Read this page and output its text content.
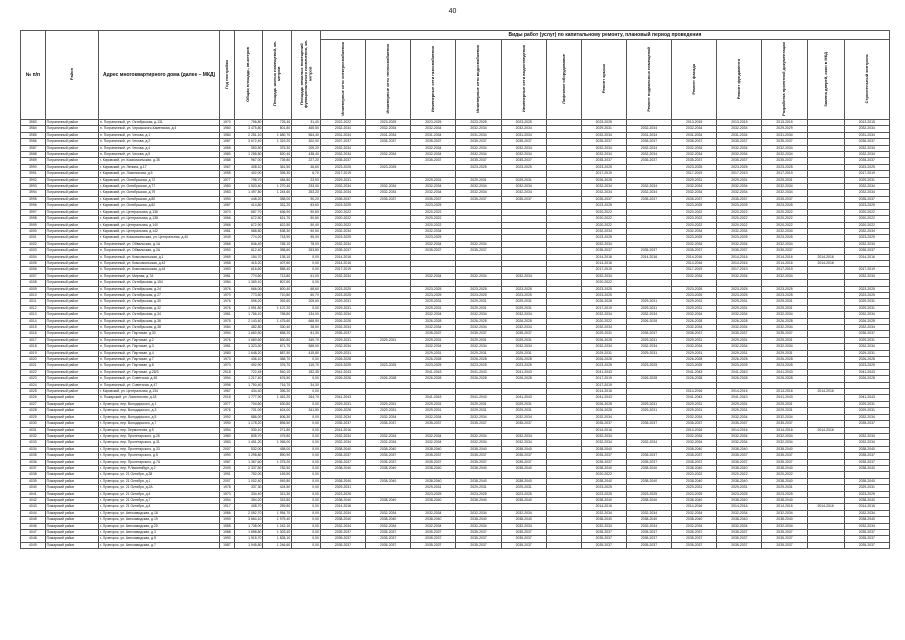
40
№ п/п	Район	Адрес многоквартирного дома (далее – МКД)	Год постройки	Общая площадь, кв.метров	Площадь жилых помещений, кв. метров	Площадь нежилых помещений функционального назначения, кв. метров	Виды работ (услуг) по капитальному ремонту, плановый период проведения												
							Инженерные сети электроснабжения	Инженерные сети теплоснабжения	Инженерные сети газоснабжения	Инженерные сети водоснабжения	Инженерные сети водоотведения	Лифтовое оборудование	Ремонт крыши	Ремонт подвальных помещений	Ремонт фасада	Ремонт фундамента	Разработка проектной документации	Замена дверей, окон в МКД	Строительный контроль
3983	Пограничный район	п. Пограничный, ул. Октябрьская, д.131	1970	756,80	725,40	31,40	2022-2022	2023-2025	2023-2025	2023-2025	2023-2025		2023-2025		2013-2015	2013-2015	2013-2015		2013-2015
3984	Пограничный район	п. Пограничный, ул. Черкасского-Каменская, д.4	1980	3 475,80	801,80	465,50	2032-2034	2032-2034	2032-2034	2032-2034	2032-2034		2029-2031	2032-2034	2032-2034	2032-2034	2029-2029		2032-2034
3985	Пограничный район	п. Пограничный, ул. Чехова, д.1	1984	2 251,10	1 680,70	564,40	2031-2034	2031-2034	2031-2034	2031-2034	2031-2034		2032-2034	2031-2034	2031-2034	2031-2034	2031-2034		2031-2034
3986	Пограничный район	п. Пограничный, ул. Чехова, д.2	1987	3 672,40	1 319,20	302,00	2037-2037	2035-2037	2035-2037	2035-2037	2035-2037		2035-2037	2035-2037	2035-2037	2035-2037	2035-2037		2035-2037
3987	Пограничный район	п. Пограничный, ул. Чехова, д.4	1985	590,50	375,30	205,20	2032-2034		2032-2034	2032-2034	2032-2034		2032-2034	2032-2034	2032-2034	2032-2034	2032-2034		2032-2034
3988	Пограничный район	п. Пограничный, ул. Чехова, д.5	1980	1 258,80	820,40	438,40	2032-2034	2032-2034	2032-2034	2032-2034	2032-2034		2032-2034	2032-2034	2032-2034	2032-2034	2032-2034		2032-2034
3989	Пограничный район	г. Кировский, ул. Комсомольская, д.35	1988	967,00	739,80	227,20	2035-2037		2035-2037	2035-2037	2035-2037		2035-2037	2035-2037	2035-2037	2035-2037	2035-2037		2035-2037
3990	Пограничный район	г. Кировский, ул. Ленина, д.17	1967	408,10	361,50	46,60	2023-2025	2023-2025		2023-2025	2023-2025		2023-2025		2023-2025	2023-2025	2023-2025		2023-2025
3991	Пограничный район	г. Кировский, ул. Ломоносова, д.5	1955	402,00	395,30	6,70	2017-2019						2017-2019		2017-2019	2017-2019	2017-2019		2017-2019
3992	Пограничный район	г. Кировский, ул. Октябрьская, д.72	1977	798,70	484,80	23,90	2029-2031		2029-2031	2029-2031	2029-2031		2026-2028		2029-2031	2029-2031	2029-2031		2029-2031
3993	Пограничный район	г. Кировский, ул. Октябрьская, д.77	1983	1 503,40	1 270,40	233,00	2032-2034	2032-2034	2032-2034	2032-2034	2032-2034		2032-2034	2032-2034	2032-2034	2032-2034	2032-2034		2032-2034
3994	Пограничный район	г. Кировский, ул. Октябрьская, д.79	1983	1 497,80	1 244,60	253,20	2032-2034	2032-2034	2032-2034	2032-2034	2032-2034		2032-2034	2032-2034	2032-2034	2032-2034	2032-2034		2032-2034
3995	Пограничный район	г. Кировский, ул. Октябрьская, д.80	1990	448,20	358,00	90,20	2035-2037	2035-2037	2035-2037	2035-2037	2035-2037		2035-2037	2035-2037	2035-2037	2035-2037	2035-2037		2035-2037
3996	Пограничный район	г. Кировский, ул. Октябрьская, д.82	1987	414,80	331,20	83,60	2023-2025		2023-2025				2023-2025		2023-2025	2023-2025	2023-2025		2023-2025
3997	Пограничный район	г. Кировский, ул. Центральная, д.136	1970	687,70	636,90	50,80	2020-2022		2020-2022				2020-2022		2020-2022	2020-2022	2020-2022		2020-2022
3998	Пограничный район	г. Кировский, ул. Центральная, д.138	1966	672,50	621,70	50,80	2020-2022		2020-2022				2020-2022		2020-2022	2020-2022	2020-2022		2020-2022
3999	Пограничный район	г. Кировский, ул. Центральная, д.140	1966	672,90	622,50	50,40	2020-2022		2020-2022				2020-2022		2020-2022	2020-2022	2020-2022		2020-2022
4000	Пограничный район	г. Кировский, ул. Центральная, д.142	1981	588,80	538,30	50,50	2032-2034		2032-2034				2032-2034		2032-2034	2032-2034	2032-2034		2032-2034
4001	Пограничный район	г. Кировский, ул. Комсомольская, ул. Центральная, д.40	1949	774,20	718,90	55,30	2023-2025		2023-2025				2023-2025		2023-2025	2023-2025	2023-2025		2023-2025
4002	Пограничный район	п. Пограничный, ул. Обвальская, д.1А	1966	846,40	765,10	78,00	2032-2034		2032-2034	2032-2034			2032-2034		2032-2034	2032-2034	2032-2034		2032-2034
4003	Пограничный район	п. Пограничный, ул. Обвальская, д.2А	1990	612,40	358,60	253,80	2035-2037		2035-2037	2035-2037			2035-2037	2035-2037	2035-2037	2035-2037	2035-2037		2035-2037
4004	Пограничный район	п. Пограничный, ул. Комсомольская, д.1	1969	154,70	135,10	0,00	2014-2016						2014-2016	2014-2016	2014-2016	2014-2016	2014-2016	2014-2016	2014-2016
4005	Пограничный район	п. Пограничный, ул. Комсомольская, д.42	1958	415,20	407,60	0,00	2014-2016						2014-2016		2014-2016	2014-2016	2014-2016	2014-2016	
4006	Пограничный район	п. Пограничный, ул. Комсомольская, д.44	1953	616,60	585,40	0,00	2017-2019						2017-2019		2017-2019	2017-2019	2017-2019		2017-2019
4007	Пограничный район	п. Пограничный, ул. Мирная, д.7А	1981	774,60	713,80	61,00	2032-2034		2032-2034	2032-2034	2032-2034		2032-2034		2032-2034	2032-2034	2032-2034		2032-2034
4008	Пограничный район	п. Пограничный, ул. Октябрьская, д.154	1984	1 369,10	807,60	0,00							2020-2022						
4009	Пограничный район	п. Пограничный, ул. Октябрьская, д.24	1976	666,00	600,40	68,60	2023-2025		2023-2025	2023-2025	2023-2025		2023-2025		2023-2025	2023-2025	2023-2025		2023-2025
4010	Пограничный район	п. Пограничный, ул. Октябрьская, д.27	1970	773,50	710,80	60,70	2023-2025		2023-2025	2023-2025	2023-2025		2023-2025		2023-2025	2023-2025	2023-2025		2023-2025
4011	Пограничный район	п. Пограничный, ул. Октябрьская, д.30	1976	598,20	392,60	205,60	2029-2031		2029-2031	2029-2031	2029-2031		2026-2028	2029-2031	2029-2031	2029-2031	2029-2031		2029-2031
4012	Пограничный район	п. Пограничный, ул. Октябрьская, д.32	1976	1 591,80	1 107,20	0,00	2029-2031		2029-2031	2029-2031	2029-2031		2017-2019	2029-2031	2029-2031	2029-2031	2029-2031		2029-2031
4013	Пограничный район	п. Пограничный, ул. Октябрьская, д.34	1981	1 766,10	758,80	134,00	2032-2034		2032-2034	2032-2034	2032-2034		2032-2034	2032-2034	2032-2034	2032-2034	2032-2034		2032-2034
4014	Пограничный район	п. Пограничный, ул. Октябрьская, д.36	1975	2 143,40	1 475,60	668,90	2026-2028		2026-2028	2026-2028	2026-2028		2020-2022	2026-2028	2026-2028	2026-2028	2026-2028		2026-2028
4015	Пограничный район	п. Пограничный, ул. Октябрьская, д.38	1984	482,80	330,40	28,50	2032-2034		2032-2034	2032-2034	2032-2034		2032-2034		2032-2034	2032-2034	2032-2034		2032-2034
4016	Пограничный район	п. Пограничный, ул. Партизан, д.30	1994	1 660,50	858,20	81,30	2035-2037		2035-2037	2035-2037	2035-2037		2029-2031	2035-2037	2035-2037	2035-2037	2035-2037		2035-2037
4017	Пограничный район	п. Пограничный, ул. Партизан, д.2	1976	1 680,60	830,80	349,70	2029-2031	2029-2031	2029-2031	2029-2031	2029-2031		2026-2028	2029-2031	2029-2031	2029-2031	2029-2031		2029-2031
4018	Пограничный район	п. Пограничный, ул. Партизан, д.3	1981	1 323,30	671,70	568,00	2032-2034		2032-2034	2032-2034	2032-2034		2032-2034	2032-2034	2032-2034	2032-2034	2032-2034		2032-2034
4019	Пограничный район	п. Пограничный, ул. Партизан, д.4	1980	1 648,20	887,50	415,80	2029-2031		2029-2031	2029-2031	2029-2031		2029-2031	2029-2031	2029-2031	2029-2031	2029-2031		2029-2031
4020	Пограничный район	п. Пограничный, ул. Партизан, д.7	1973	436,10	368,70	0,00	2026-2028		2026-2028	2026-2028	2026-2028		2026-2028		2026-2028	2026-2028	2026-2028		2026-2028
4021	Пограничный район	п. Пограничный, ул. Партизан, д.8	1970	492,90	376,70	115,70	2023-2025	2023-2025	2023-2025	2023-2025	2023-2025		2023-2025	2023-2025	2023-2025	2023-2025	2023-2025		2023-2025
4022	Пограничный район	п. Пограничный, ул. Партизан, д.28/3	2018	722,45	540,10	182,35	2041-2043		2041-2043	2041-2043	2041-2043		2041-2043		2041-2043	2041-2043	2041-2043		2041-2043
4023	Пограничный район	п. Пограничный, ул. Советская, д.45	1994	1 217,40	676,50	0,00	2026-2028	2026-2028	2026-2028	2026-2028	2026-2028		2017-2019	2026-2028	2026-2028	2026-2028	2026-2028		2026-2028
4024	Пограничный район	п. Пограничный, ул. Советская, д.47	1996	1 750,40	716,70	34,30							2017-2019						
4025	Пограничный район	г. Кировский, ул. Центральная, д.134	1967	434,40	396,20	0,00							2014-2016		2014-2016	2014-2016	2014-2016	2014-2016	
4026	Пожарский район	п. Пожарский, ул. Ломоносова, д.18	2018	1 777,90	1 461,20	264,70	2041-2043		2041-2043	2041-2043	2041-2043		2041-2043		2041-2043	2041-2043	2041-2043		2041-2043
4027	Пожарский район	г. Лучегорск, пер. Володарского, д.1	1977	704,60	630,80	0,00	2029-2031	2029-2031	2029-2031	2029-2031	2029-2031		2026-2028	2029-2031	2029-2031	2029-2031	2029-2031		2029-2031
4028	Пожарский район	г. Лучегорск, пер. Володарского, д.3	1976	701,00	624,00	341,50	2026-2028	2029-2031	2029-2031	2029-2031	2029-2031		2026-2028	2029-2031	2029-2031	2029-2031	2029-2031		2029-2031
4029	Пожарский район	г. Лучегорск, пер. Володарского, д.5	1992	886,00	606,30	0,00	2032-2034	2032-2034	2032-2034	2032-2034	2032-2034		2032-2034		2032-2034	2032-2034	2032-2034		2032-2034
4030	Пожарский район	г. Лучегорск, пер. Володарского, д.7	1990	1 178,20	896,50	0,00	2035-2037	2035-2037	2035-2037	2035-2037	2035-2037		2035-2037	2035-2037	2035-2037	2035-2037	2035-2037		2035-2037
4031	Пожарский район	г. Лучегорск, пер. Лермонтова, д.5	1954	330,10	271,80	0,00	2014-2016						2014-2016		2014-2016	2014-2016	2014-2016	2014-2016	
4032	Пожарский район	г. Лучегорск, пер. Пролетарского, д.26	1980	835,70	475,80	0,00	2032-2034	2032-2034	2032-2034	2032-2034	2032-2034		2032-2034		2032-2034	2032-2034	2032-2034		2032-2034
4033	Пожарский район	г. Лучегорск, пер. Пролетарского, д.31	1983	1 451,20	1 065,00	0,00	2032-2034	2032-2034	2032-2034	2032-2034	2032-2034		2032-2034	2032-2034	2032-2034	2032-2034	2032-2034		2032-2034
4034	Пожарский район	г. Лучегорск, пер. Пролетарского, д.33	2007	532,00	458,00	0,00	2038-2040	2038-2040	2038-2040	2038-2040	2038-2040		2038-2040		2038-2040	2038-2040	2038-2040		2038-2040
4035	Пожарский район	г. Лучегорск, пер. Пролетарского, д.5	1990	1 298,80	890,90	0,00	2035-2037	2035-2037	2035-2037	2035-2037	2035-2037		2035-2037	2035-2037	2035-2037	2035-2037	2035-2037		2035-2037
4036	Пожарский район	г. Лучегорск, пер. Пролетарского, д.7А	1987	1 367,60	1 075,20	0,00	2035-2037	2035-2037	2035-2037	2035-2037	2035-2037		2035-2037	2035-2037	2035-2037	2035-2037	2035-2037		2035-2037
4037	Пожарский район	г. Лучегорск, пер. Р.Люксембург, д.2	2009	2 337,80	782,50	0,00	2038-2040	2038-2040	2038-2040	2038-2040	2038-2040		2038-2040	2038-2040	2038-2040	2038-2040	2038-2040		2038-2040
4038	Пожарский район	г. Лучегорск, ул. 21 Октября, д.38	1991	752,00	169,50	0,00							2020-2022		2020-2022	2020-2022	2020-2022		
4039	Пожарский район	г. Лучегорск, ул. 21 Октября, д.1	2007	1 002,40	949,80	0,00	2038-2040	2038-2040	2038-2040	2038-2040	2038-2040		2038-2040	2038-2040	2038-2040	2038-2040	2038-2040		2038-2040
4040	Пожарский район	г. Лучегорск, ул. 21 Октября, д.2А	1978	337,30	424,50	0,00	2029-2031		2029-2031	2029-2031	2029-2031		2023-2025		2029-2031	2029-2031	2029-2031		2029-2031
4041	Пожарский район	г. Лучегорск, ул. 21 Октября, д.4	1970	334,40	313,30	0,00	2023-2025		2023-2025	2023-2025	2023-2025		2023-2025	2023-2025	2023-2025	2023-2025	2023-2025		2023-2025
4042	Пожарский район	г. Лучегорск, ул. 21 Октября, д.7	1954	354,20	315,80	0,00	2038-2040	2038-2040	2038-2040	2038-2040	2038-2040		2038-2040	2038-2040	2038-2040	2038-2040	2038-2040		2038-2040
4043	Пожарский район	г. Лучегорск, ул. 21 Октября, д.4	1917	408,70	259,80	0,00	2014-2016						2014-2016		2014-2016	2014-2016	2014-2016	2014-2016	2014-2016
4044	Пожарский район	г. Лучегорск, ул. Автозаводская, д.18	1986	2 052,70	1 954,70	0,00	2032-2034	2032-2034	2032-2034	2032-2034	2032-2034		2032-2034	2032-2034	2032-2034	2032-2034	2032-2034		2032-2034
4045	Пожарский район	г. Лучегорск, ул. Автозаводская, д.19	1990	3 664,10	1 975,40	0,00	2038-2040	2038-2040	2038-2040	2038-2040	2038-2040		2038-2040	2038-2040	2038-2040	2038-2040	2038-2040		2038-2040
4046	Пожарский район	г. Лучегорск, ул. Автозаводская, д.20	1985	1 738,00	1 242,10	0,00	2032-2034	2032-2034	2032-2034	2032-2034	2032-2034		2032-2034	2032-2034	2032-2034	2032-2034	2032-2034		2032-2034
4047	Пожарский район	г. Лучегорск, ул. Автозаводская, д.3	1988	1 898,80	1 303,40	0,00	2035-2037	2035-2037	2035-2037	2035-2037	2035-2037		2035-2037	2035-2037	2035-2037	2035-2037	2035-2037		2035-2037
4048	Пожарский район	г. Лучегорск, ул. Автозаводская, д.5	1990	1 915,70	1 828,10	0,00	2035-2037	2035-2037	2035-2037	2035-2037	2035-2037		2035-2037	2035-2037	2035-2037	2035-2037	2035-2037		2035-2037
4049	Пожарский район	г. Лучегорск, ул. Автозаводская, д.7	1987	1 945,80	1 246,60	0,00	2035-2037	2035-2037	2035-2037	2035-2037	2035-2037		2035-2037	2035-2037	2035-2037	2035-2037	2035-2037		2035-2037
